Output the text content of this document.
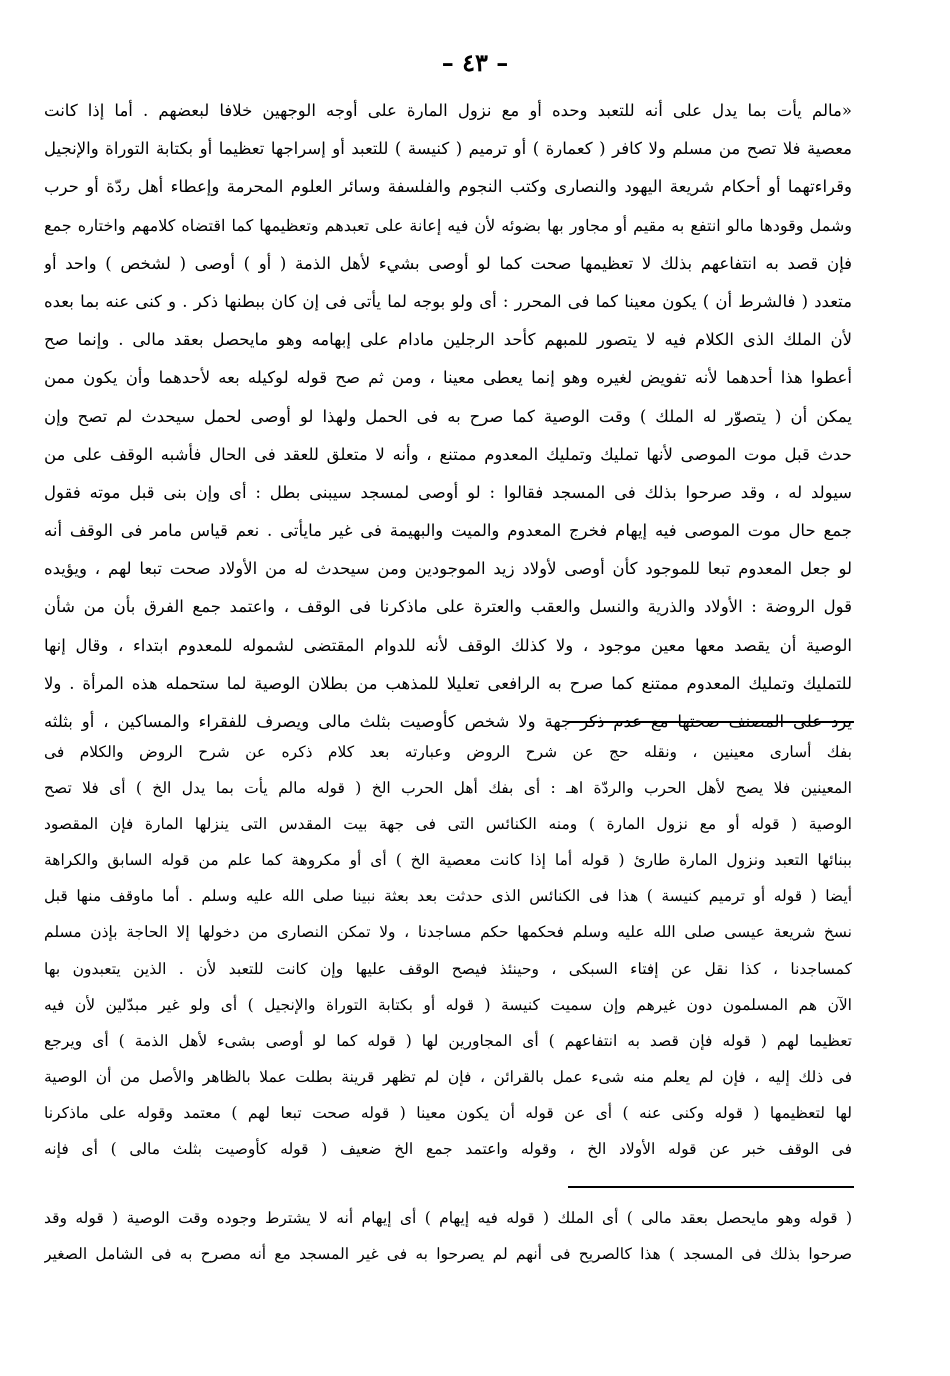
– ٤٣ –
«مالم يأت بما يدل على أنه للتعبد وحده أو مع نزول المارة على أوجه الوجهين خلافا لبعضهم . أما إذا كانت
معصية فلا تصح من مسلم ولا كافر ( كعمارة ) أو ترميم ( كنيسة ) للتعبد أو إسراجها تعظيما أو بكتابة التوراة والإنجيل
وقراءتهما أو أحكام شريعة اليهود والنصارى وكتب النجوم والفلسفة وسائر العلوم المحرمة وإعطاء أهل ردّة أو حرب
وشمل وقودها مالو انتفع به مقيم أو مجاور بها بضوئه لأن فيه إعانة على تعبدهم وتعظيمها كما اقتضاه كلامهم واختاره جمع
فإن قصد به انتفاعهم بذلك لا تعظيمها صحت كما لو أوصى بشيء لأهل الذمة ( أو ) أوصى ( لشخص ) واحد أو
متعدد ( فالشرط أن ) يكون معينا كما فى المحرر : أى ولو بوجه لما يأتى فى إن كان ببطنها ذكر . و كنى عنه بما بعده
لأن الملك الذى الكلام فيه لا يتصور للمبهم كأحد الرجلين مادام على إبهامه وهو مايحصل بعقد مالى . وإنما صح
أعطوا هذا أحدهما لأنه تفويض لغيره وهو إنما يعطى معينا ، ومن ثم صح قوله لوكيله بعه لأحدهما وأن يكون ممن
يمكن أن ( يتصوّر له الملك ) وقت الوصية كما صرح به فى الحمل ولهذا لو أوصى لحمل سيحدث لم تصح وإن
حدث قبل موت الموصى لأنها تمليك وتمليك المعدوم ممتنع ، وأنه لا متعلق للعقد فى الحال فأشبه الوقف على من
سيولد له ، وقد صرحوا بذلك فى المسجد فقالوا : لو أوصى لمسجد سيبنى بطل : أى وإن بنى قبل موته فقول
جمع حال موت الموصى فيه إيهام فخرج المعدوم والميت والبهيمة فى غير مايأتى . نعم قياس مامر فى الوقف أنه
لو جعل المعدوم تبعا للموجود كأن أوصى لأولاد زيد الموجودين ومن سيحدث له من الأولاد صحت تبعا لهم ، ويؤيده
قول الروضة : الأولاد والذرية والنسل والعقب والعترة على ماذكرنا فى الوقف ، واعتمد جمع الفرق بأن من شأن
الوصية أن يقصد معها معين موجود ، ولا كذلك الوقف لأنه للدوام المقتضى لشموله للمعدوم ابتداء ، وقال إنها
للتمليك وتمليك المعدوم ممتنع كما صرح به الرافعى تعليلا للمذهب من بطلان الوصية لما ستحمله هذه المرأة . ولا
يرد على المصنف صحتها مع عدم ذكر جهة ولا شخص كأوصيت بثلث مالى ويصرف للفقراء والمساكين ، أو بثلثه
بفك أسارى معينين ، ونقله حج عن شرح الروض وعبارته بعد كلام ذكره عن شرح الروض والكلام فى
المعينين فلا يصح لأهل الحرب والردّة اهـ : أى بفك أهل الحرب الخ ( قوله مالم يأت بما يدل الخ ) أى فلا تصح
الوصية ( قوله أو مع نزول المارة ) ومنه الكنائس التى فى جهة بيت المقدس التى ينزلها المارة فإن المقصود
ببنائها التعبد ونزول المارة طارئ ( قوله أما إذا كانت معصية الخ ) أى أو مكروهة كما علم من قوله السابق والكراهة
أيضا ( قوله أو ترميم كنيسة ) هذا فى الكنائس الذى حدثت بعد بعثة نبينا صلى الله عليه وسلم . أما ماوقف منها قبل
نسخ شريعة عيسى صلى الله عليه وسلم فحكمها حكم مساجدنا ، ولا تمكن النصارى من دخولها إلا الحاجة بإذن مسلم
كمساجدنا ، كذا نقل عن إفتاء السبكى ، وحينئذ فيصح الوقف عليها وإن كانت للتعبد لأن . الذين يتعبدون بها
الآن هم المسلمون دون غيرهم وإن سميت كنيسة ( قوله أو بكتابة التوراة والإنجيل ) أى ولو غير مبدّلين لأن فيه
تعظيما لهم ( قوله فإن قصد به انتفاعهم ) أى المجاورين لها ( قوله كما لو أوصى بشىء لأهل الذمة ) أى ويرجع
فى ذلك إليه ، فإن لم يعلم منه شىء عمل بالقرائن ، فإن لم تظهر قرينة بطلت عملا بالظاهر والأصل من أن الوصية
لها لتعظيمها ( قوله وكنى عنه ) أى عن قوله أن يكون معينا ( قوله صحت تبعا لهم ) معتمد وقوله على ماذكرنا
فى الوقف خبر عن قوله الأولاد الخ ، وقوله واعتمد جمع الخ ضعيف ( قوله كأوصيت بثلث مالى ) أى فإنه
( قوله وهو مايحصل بعقد مالى ) أى الملك ( قوله فيه إيهام ) أى إيهام أنه لا يشترط وجوده وقت الوصية ( قوله وقد
صرحوا بذلك فى المسجد ) هذا كالصريح فى أنهم لم يصرحوا به فى غير المسجد مع أنه مصرح به فى الشامل الصغير
